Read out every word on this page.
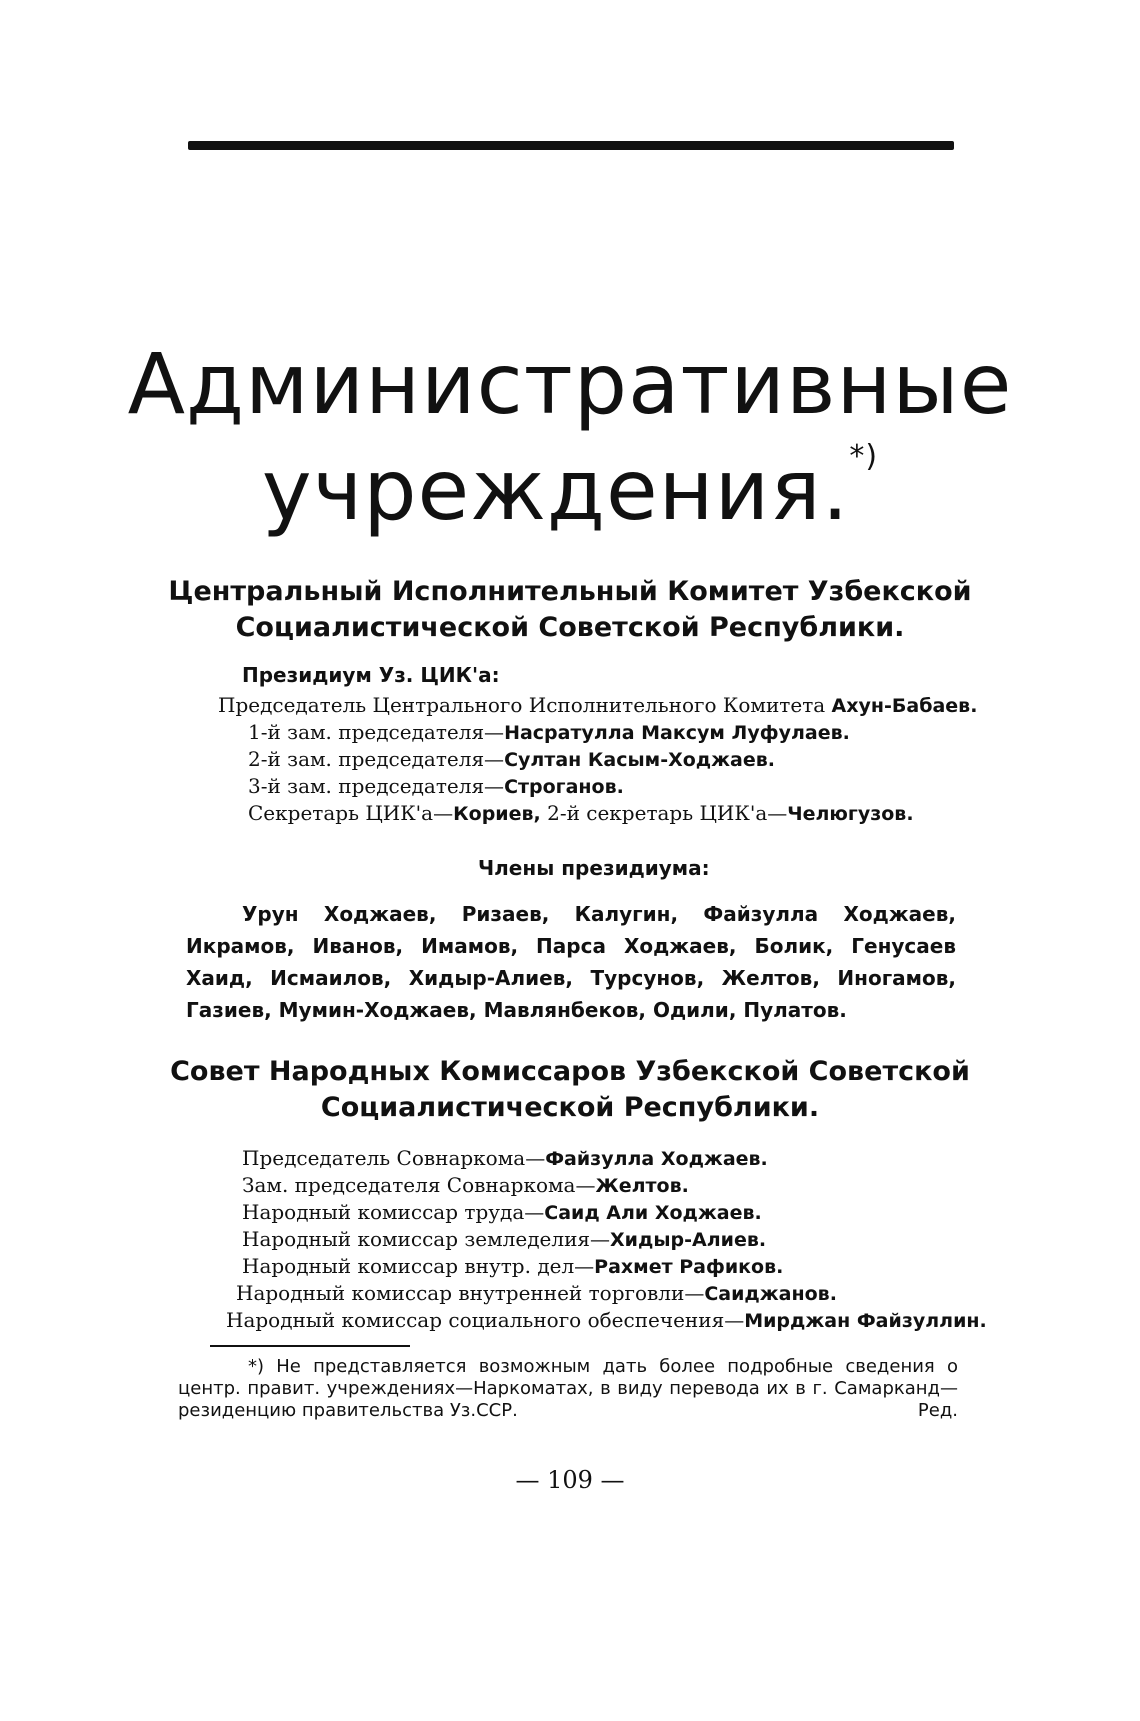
Административные
учреждения.*)
Центральный Исполнительный Комитет Узбекской
Социалистической Советской Республики.
Президиум Уз. ЦИК'а:
Председатель Центрального Исполнительного Комитета Ахун-Бабаев.
1-й зам. председателя—Насратулла Максум Луфулаев.
2-й зам. председателя—Султан Касым-Ходжаев.
3-й зам. председателя—Строганов.
Секретарь ЦИК'а—Кориев, 2-й секретарь ЦИК'а—Челюгузов.
Члены президиума:
Урун Ходжаев, Ризаев, Калугин, Файзулла Ходжаев, Икрамов, Иванов, Имамов, Парса Ходжаев, Болик, Генусаев Хаид, Исмаилов, Хидыр-Алиев, Турсунов, Желтов, Иногамов, Газиев, Мумин-Ходжаев, Мавлянбеков, Одили, Пулатов.
Совет Народных Комиссаров Узбекской Советской
Социалистической Республики.
Председатель Совнаркома—Файзулла Ходжаев.
Зам. председателя Совнаркома—Желтов.
Народный комиссар труда—Саид Али Ходжаев.
Народный комиссар земледелия—Хидыр-Алиев.
Народный комиссар внутр. дел—Рахмет Рафиков.
Народный комиссар внутренней торговли—Саиджанов.
Народный комиссар социального обеспечения—Мирджан Файзуллин.
*) Не представляется возможным дать более подробные сведения о центр. правит. учреждениях—Наркоматах, в виду перевода их в г. Самарканд—резиденцию правительства Уз.ССР.	Ред.
— 109 —
